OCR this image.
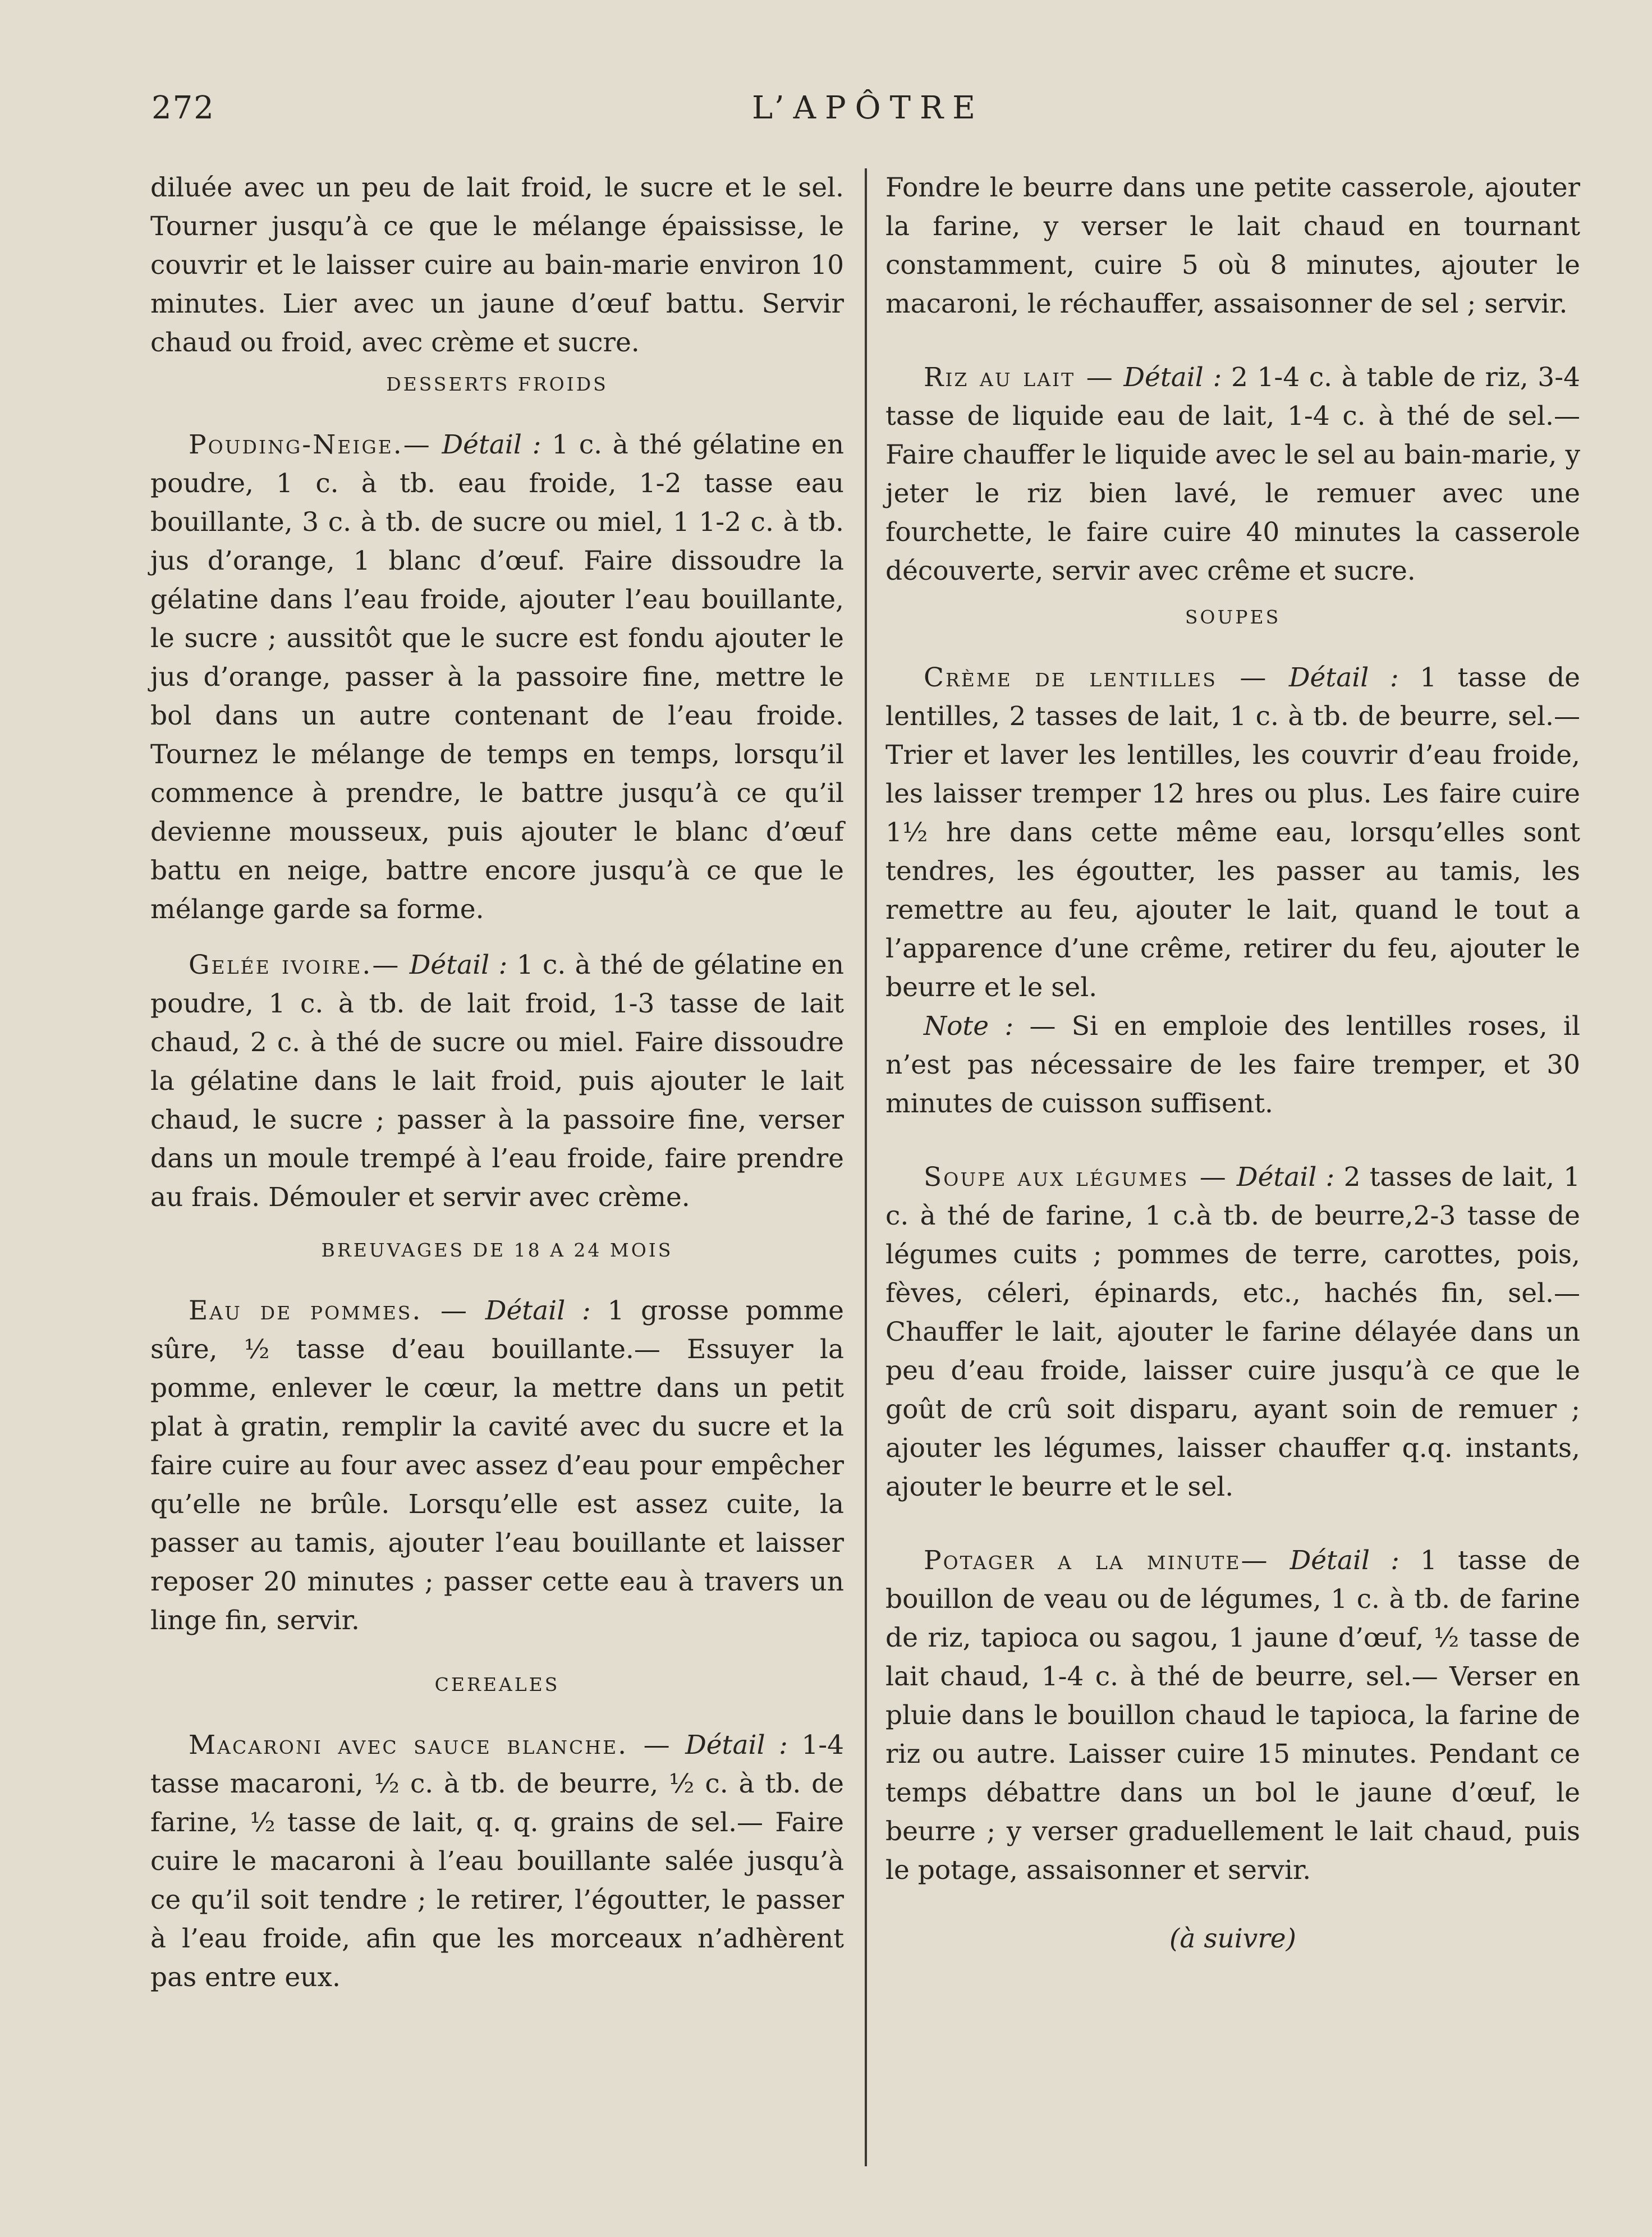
272	L’APÔTRE

diluée avec un peu de lait froid, le sucre et le sel. Tourner jusqu’à ce que le mélange épaississe, le couvrir et le laisser cuire au bain-marie environ 10 minutes. Lier avec un jaune d’œuf battu. Servir chaud ou froid, avec crème et sucre.

DESSERTS FROIDS

Pouding-Neige.— Détail : 1 c. à thé gélatine en poudre, 1 c. à tb. eau froide, 1-2 tasse eau bouillante, 3 c. à tb. de sucre ou miel, 1 1-2 c. à tb. jus d’orange, 1 blanc d’œuf. Faire dissoudre la gélatine dans l’eau froide, ajouter l’eau bouillante, le sucre ; aussitôt que le sucre est fondu ajouter le jus d’orange, passer à la passoire fine, mettre le bol dans un autre contenant de l’eau froide. Tournez le mélange de temps en temps, lorsqu’il commence à prendre, le battre jusqu’à ce qu’il devienne mousseux, puis ajouter le blanc d’œuf battu en neige, battre encore jusqu’à ce que le mélange garde sa forme.

Gelée ivoire.— Détail : 1 c. à thé de gélatine en poudre, 1 c. à tb. de lait froid, 1-3 tasse de lait chaud, 2 c. à thé de sucre ou miel. Faire dissoudre la gélatine dans le lait froid, puis ajouter le lait chaud, le sucre ; passer à la passoire fine, verser dans un moule trempé à l’eau froide, faire prendre au frais. Démouler et servir avec crème.

BREUVAGES DE 18 A 24 MOIS

Eau de pommes. — Détail : 1 grosse pomme sûre, ½ tasse d’eau bouillante.— Essuyer la pomme, enlever le cœur, la mettre dans un petit plat à gratin, remplir la cavité avec du sucre et la faire cuire au four avec assez d’eau pour empêcher qu’elle ne brûle. Lorsqu’elle est assez cuite, la passer au tamis, ajouter l’eau bouillante et laisser reposer 20 minutes ; passer cette eau à travers un linge fin, servir.

CEREALES

Macaroni avec sauce blanche. — Détail : 1-4 tasse macaroni, ½ c. à tb. de beurre, ½ c. à tb. de farine, ½ tasse de lait, q. q. grains de sel.— Faire cuire le macaroni à l’eau bouillante salée jusqu’à ce qu’il soit tendre ; le retirer, l’égoutter, le passer à l’eau froide, afin que les morceaux n’adhèrent pas entre eux.

Fondre le beurre dans une petite casserole, ajouter la farine, y verser le lait chaud en tournant constamment, cuire 5 où 8 minutes, ajouter le macaroni, le réchauffer, assaisonner de sel ; servir.

Riz au lait — Détail : 2 1-4 c. à table de riz, 3-4 tasse de liquide eau de lait, 1-4 c. à thé de sel.— Faire chauffer le liquide avec le sel au bain-marie, y jeter le riz bien lavé, le remuer avec une fourchette, le faire cuire 40 minutes la casserole découverte, servir avec crême et sucre.

SOUPES

Crème de lentilles — Détail : 1 tasse de lentilles, 2 tasses de lait, 1 c. à tb. de beurre, sel.— Trier et laver les lentilles, les couvrir d’eau froide, les laisser tremper 12 hres ou plus. Les faire cuire 1½ hre dans cette même eau, lorsqu’elles sont tendres, les égoutter, les passer au tamis, les remettre au feu, ajouter le lait, quand le tout a l’apparence d’une crême, retirer du feu, ajouter le beurre et le sel.

Note : — Si en emploie des lentilles roses, il n’est pas nécessaire de les faire tremper, et 30 minutes de cuisson suffisent.

Soupe aux légumes — Détail : 2 tasses de lait, 1 c. à thé de farine, 1 c.à tb. de beurre,2-3 tasse de légumes cuits ; pommes de terre, carottes, pois, fèves, céleri, épinards, etc., hachés fin, sel.— Chauffer le lait, ajouter le farine délayée dans un peu d’eau froide, laisser cuire jusqu’à ce que le goût de crû soit disparu, ayant soin de remuer ; ajouter les légumes, laisser chauffer q.q. instants, ajouter le beurre et le sel.

Potager a la minute— Détail : 1 tasse de bouillon de veau ou de légumes, 1 c. à tb. de farine de riz, tapioca ou sagou, 1 jaune d’œuf, ½ tasse de lait chaud, 1-4 c. à thé de beurre, sel.— Verser en pluie dans le bouillon chaud le tapioca, la farine de riz ou autre. Laisser cuire 15 minutes. Pendant ce temps débattre dans un bol le jaune d’œuf, le beurre ; y verser graduellement le lait chaud, puis le potage, assaisonner et servir.

(à suivre)
